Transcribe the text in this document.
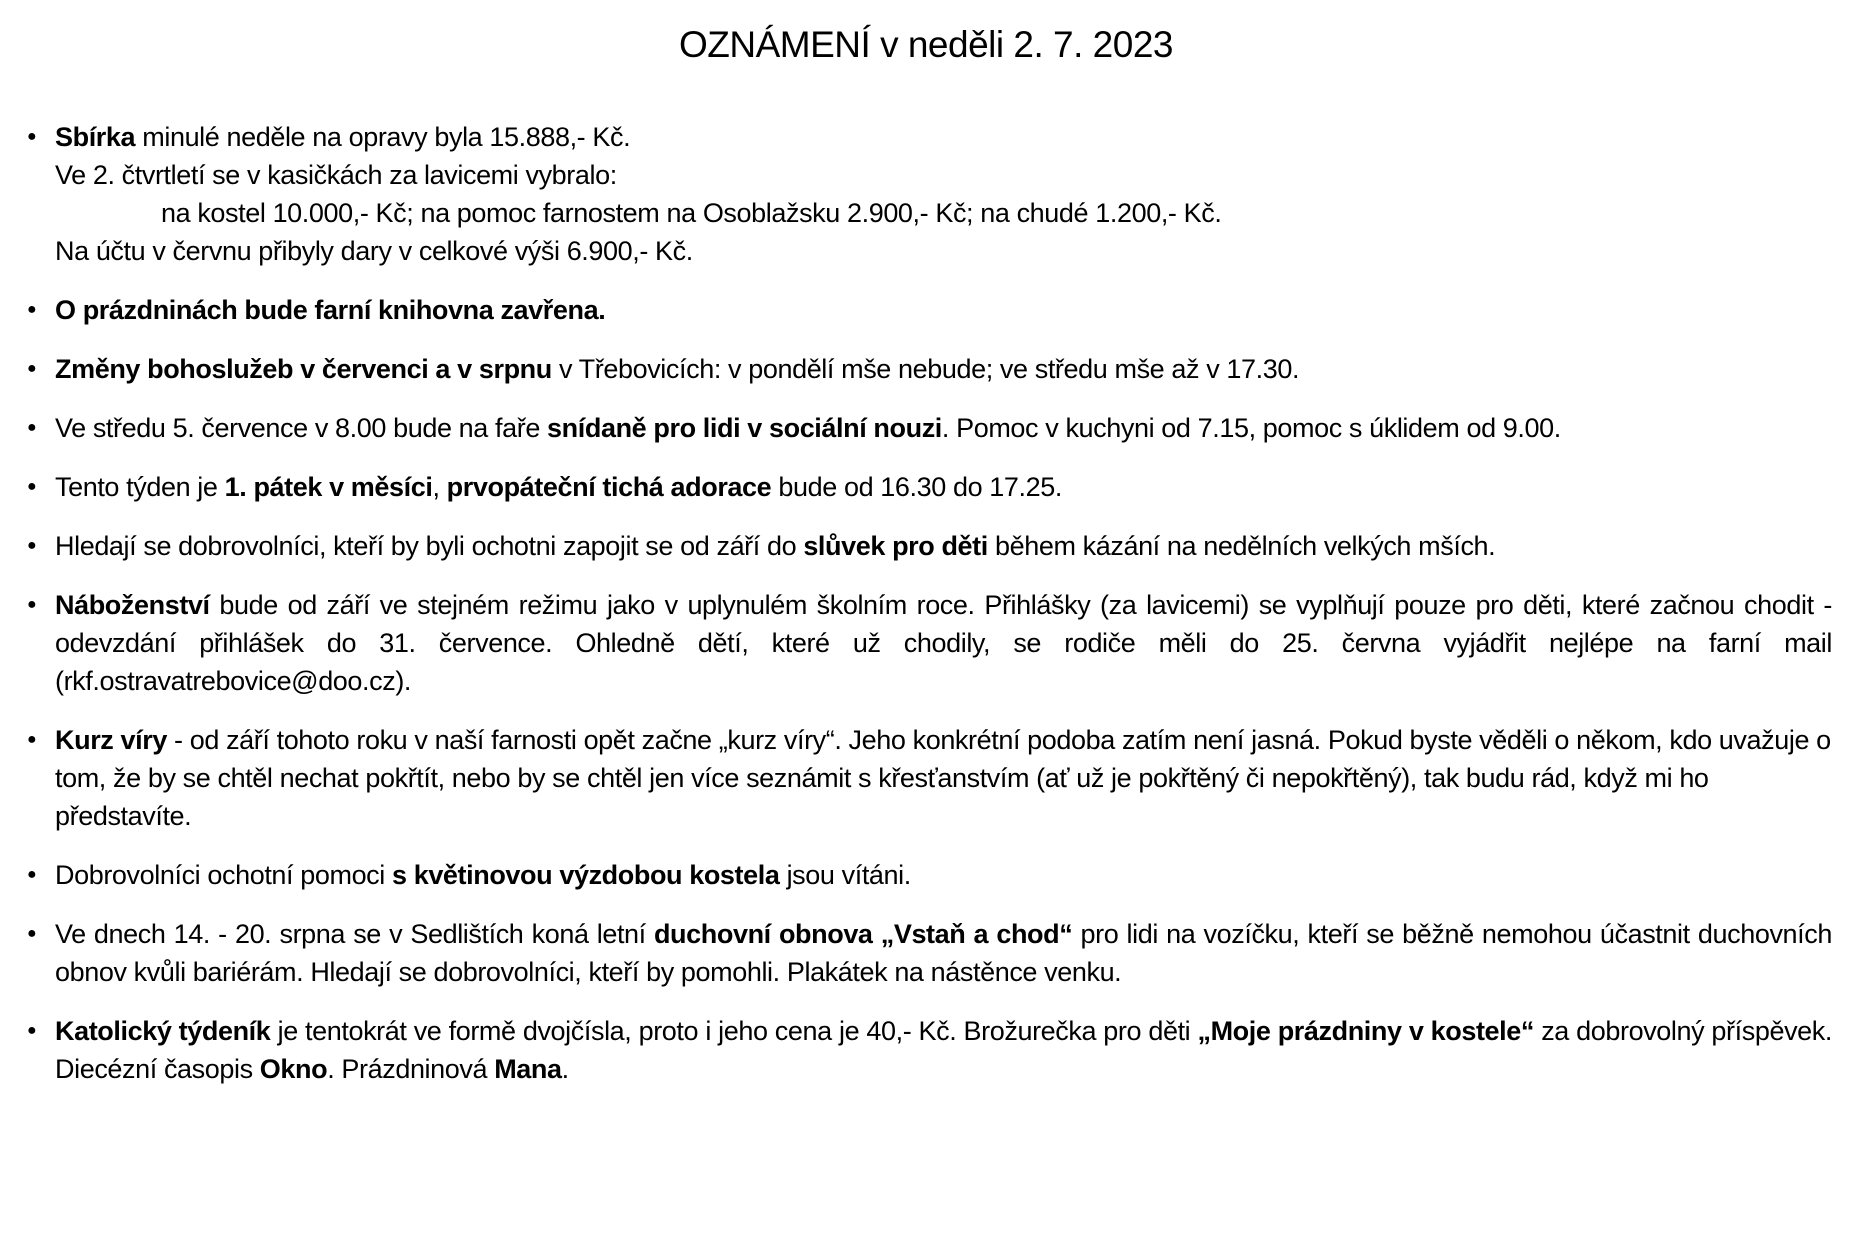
OZNÁMENÍ v neděli 2. 7. 2023
● Sbírka minulé neděle na opravy byla 15.888,- Kč.
Ve 2. čtvrtletí se v kasičkách za lavicemi vybralo:
na kostel 10.000,- Kč; na pomoc farnostem na Osoblažsku 2.900,- Kč; na chudé 1.200,- Kč.
Na účtu v červnu přibyly dary v celkové výši 6.900,- Kč.
● O prázdninách bude farní knihovna zavřena.
● Změny bohoslužeb v červenci a v srpnu v Třebovicích: v pondělí mše nebude; ve středu mše až v 17.30.
● Ve středu 5. července v 8.00 bude na faře snídaně pro lidi v sociální nouzi. Pomoc v kuchyni od 7.15, pomoc s úklidem od 9.00.
● Tento týden je 1. pátek v měsíci, prvopáteční tichá adorace bude od 16.30 do 17.25.
● Hledají se dobrovolníci, kteří by byli ochotni zapojit se od září do slůvek pro děti během kázání na nedělních velkých mších.
● Náboženství bude od září ve stejném režimu jako v uplynulém školním roce. Přihlášky (za lavicemi) se vyplňují pouze pro děti, které začnou chodit - odevzdání přihlášek do 31. července. Ohledně dětí, které už chodily, se rodiče měli do 25. června vyjádřit nejlépe na farní mail (rkf.ostravatrebovice@doo.cz).
● Kurz víry - od září tohoto roku v naší farnosti opět začne „kurz víry“. Jeho konkrétní podoba zatím není jasná. Pokud byste věděli o někom, kdo uvažuje o tom, že by se chtěl nechat pokřtít, nebo by se chtěl jen více seznámit s křesťanstvím (ať už je pokřtěný či nepokřtěný), tak budu rád, když mi ho představíte.
● Dobrovolníci ochotní pomoci s květinovou výzdobou kostela jsou vítáni.
● Ve dnech 14. - 20. srpna se v Sedlištích koná letní duchovní obnova „Vstaň a chod“ pro lidi na vozíčku, kteří se běžně nemohou účastnit duchovních obnov kvůli bariérám. Hledají se dobrovolníci, kteří by pomohli. Plakátek na nástěnce venku.
● Katolický týdeník je tentokrát ve formě dvojčísla, proto i jeho cena je 40,- Kč. Brožurečka pro děti „Moje prázdniny v kostele“ za dobrovolný příspěvek. Diecézní časopis Okno. Prázdninová Mana.
